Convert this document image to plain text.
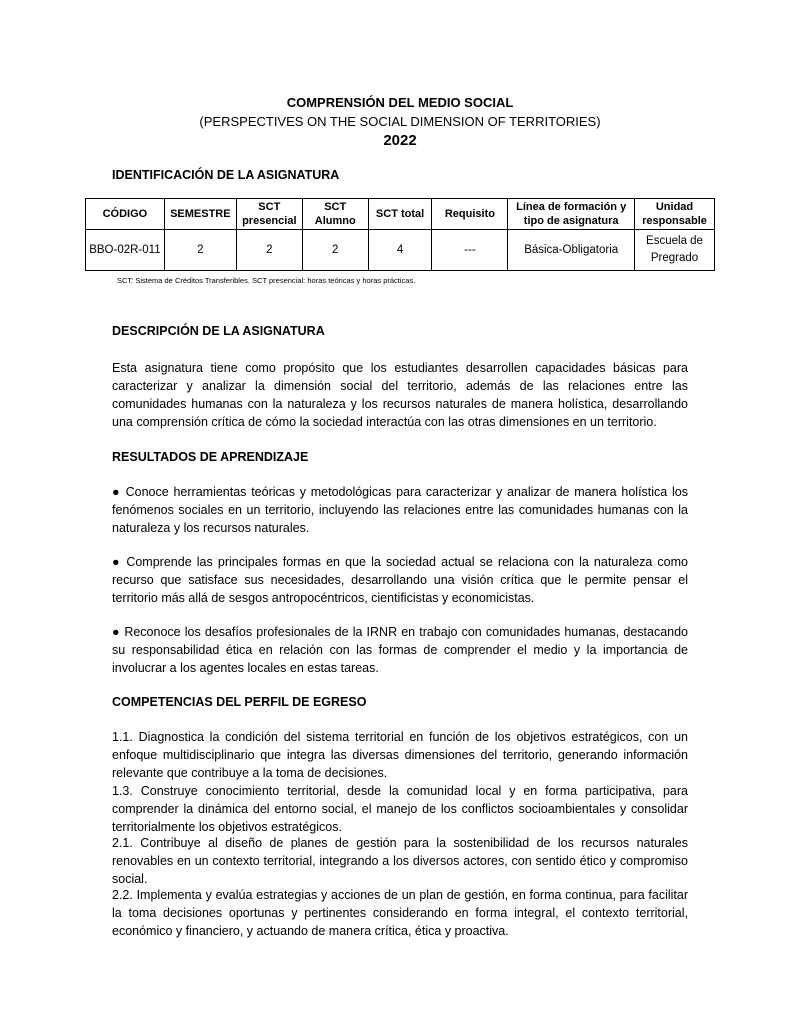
COMPRENSIÓN DEL MEDIO SOCIAL
(PERSPECTIVES ON THE SOCIAL DIMENSION OF TERRITORIES)
2022
IDENTIFICACIÓN DE LA ASIGNATURA
CÓDIGO	SEMESTRE	SCT presencial	SCT Alumno	SCT total	Requisito	Línea de formación y tipo de asignatura	Unidad responsable
BBO-02R-011	2	2	2	4	---	Básica-Obligatoria	Escuela de Pregrado
SCT: Sistema de Créditos Transferibles. SCT presencial: horas teóricas y horas prácticas.
DESCRIPCIÓN DE LA ASIGNATURA
Esta asignatura tiene como propósito que los estudiantes desarrollen capacidades básicas para caracterizar y analizar la dimensión social del territorio, además de las relaciones entre las comunidades humanas con la naturaleza y los recursos naturales de manera holística, desarrollando una comprensión crítica de cómo la sociedad interactúa con las otras dimensiones en un territorio.
RESULTADOS DE APRENDIZAJE
● Conoce herramientas teóricas y metodológicas para caracterizar y analizar de manera holística los fenómenos sociales en un territorio, incluyendo las relaciones entre las comunidades humanas con la naturaleza y los recursos naturales.
● Comprende las principales formas en que la sociedad actual se relaciona con la naturaleza como recurso que satisface sus necesidades, desarrollando una visión crítica que le permite pensar el territorio más allá de sesgos antropocéntricos, cientificistas y economicistas.
● Reconoce los desafíos profesionales de la IRNR en trabajo con comunidades humanas, destacando su responsabilidad ética en relación con las formas de comprender el medio y la importancia de involucrar a los agentes locales en estas tareas.
COMPETENCIAS DEL PERFIL DE EGRESO
1.1. Diagnostica la condición del sistema territorial en función de los objetivos estratégicos, con un enfoque multidisciplinario que integra las diversas dimensiones del territorio, generando información relevante que contribuye a la toma de decisiones.
1.3. Construye conocimiento territorial, desde la comunidad local y en forma participativa, para comprender la dinámica del entorno social, el manejo de los conflictos socioambientales y consolidar territorialmente los objetivos estratégicos.
2.1. Contribuye al diseño de planes de gestión para la sostenibilidad de los recursos naturales renovables en un contexto territorial, integrando a los diversos actores, con sentido ético y compromiso social.
2.2. Implementa y evalúa estrategias y acciones de un plan de gestión, en forma continua, para facilitar la toma decisiones oportunas y pertinentes considerando en forma integral, el contexto territorial, económico y financiero, y actuando de manera crítica, ética y proactiva.
